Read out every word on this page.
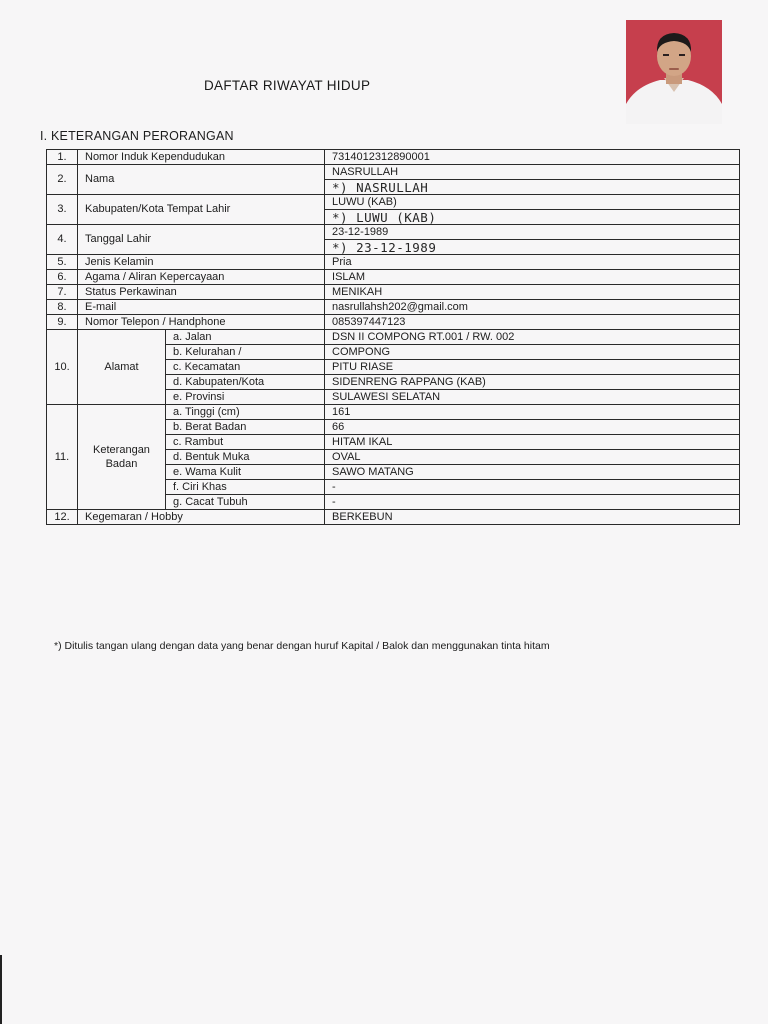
DAFTAR RIWAYAT HIDUP
I. KETERANGAN PERORANGAN
1.	Nomor Induk Kependudukan		7314012312890001
2.	Nama		NASRULLAH
			*) NASRULLAH
3.	Kabupaten/Kota Tempat Lahir		LUWU (KAB)
			*) LUWU (KAB)
4.	Tanggal Lahir		23-12-1989
			*) 23-12-1989
5.	Jenis Kelamin		Pria
6.	Agama / Aliran Kepercayaan		ISLAM
7.	Status Perkawinan		MENIKAH
8.	E-mail		nasrullahsh202@gmail.com
9.	Nomor Telepon / Handphone		085397447123
10.	Alamat	a. Jalan	DSN II COMPONG RT.001 / RW. 002
		b. Kelurahan /	COMPONG
		c. Kecamatan	PITU RIASE
		d. Kabupaten/Kota	SIDENRENG RAPPANG (KAB)
		e. Provinsi	SULAWESI SELATAN
11.	Keterangan Badan	a. Tinggi (cm)	161
		b. Berat Badan	66
		c. Rambut	HITAM IKAL
		d. Bentuk Muka	OVAL
		e. Wama Kulit	SAWO MATANG
		f. Ciri Khas	-
		g. Cacat Tubuh	-
12.	Kegemaran / Hobby		BERKEBUN
*) Ditulis tangan ulang dengan data yang benar dengan huruf Kapital / Balok dan menggunakan tinta hitam
